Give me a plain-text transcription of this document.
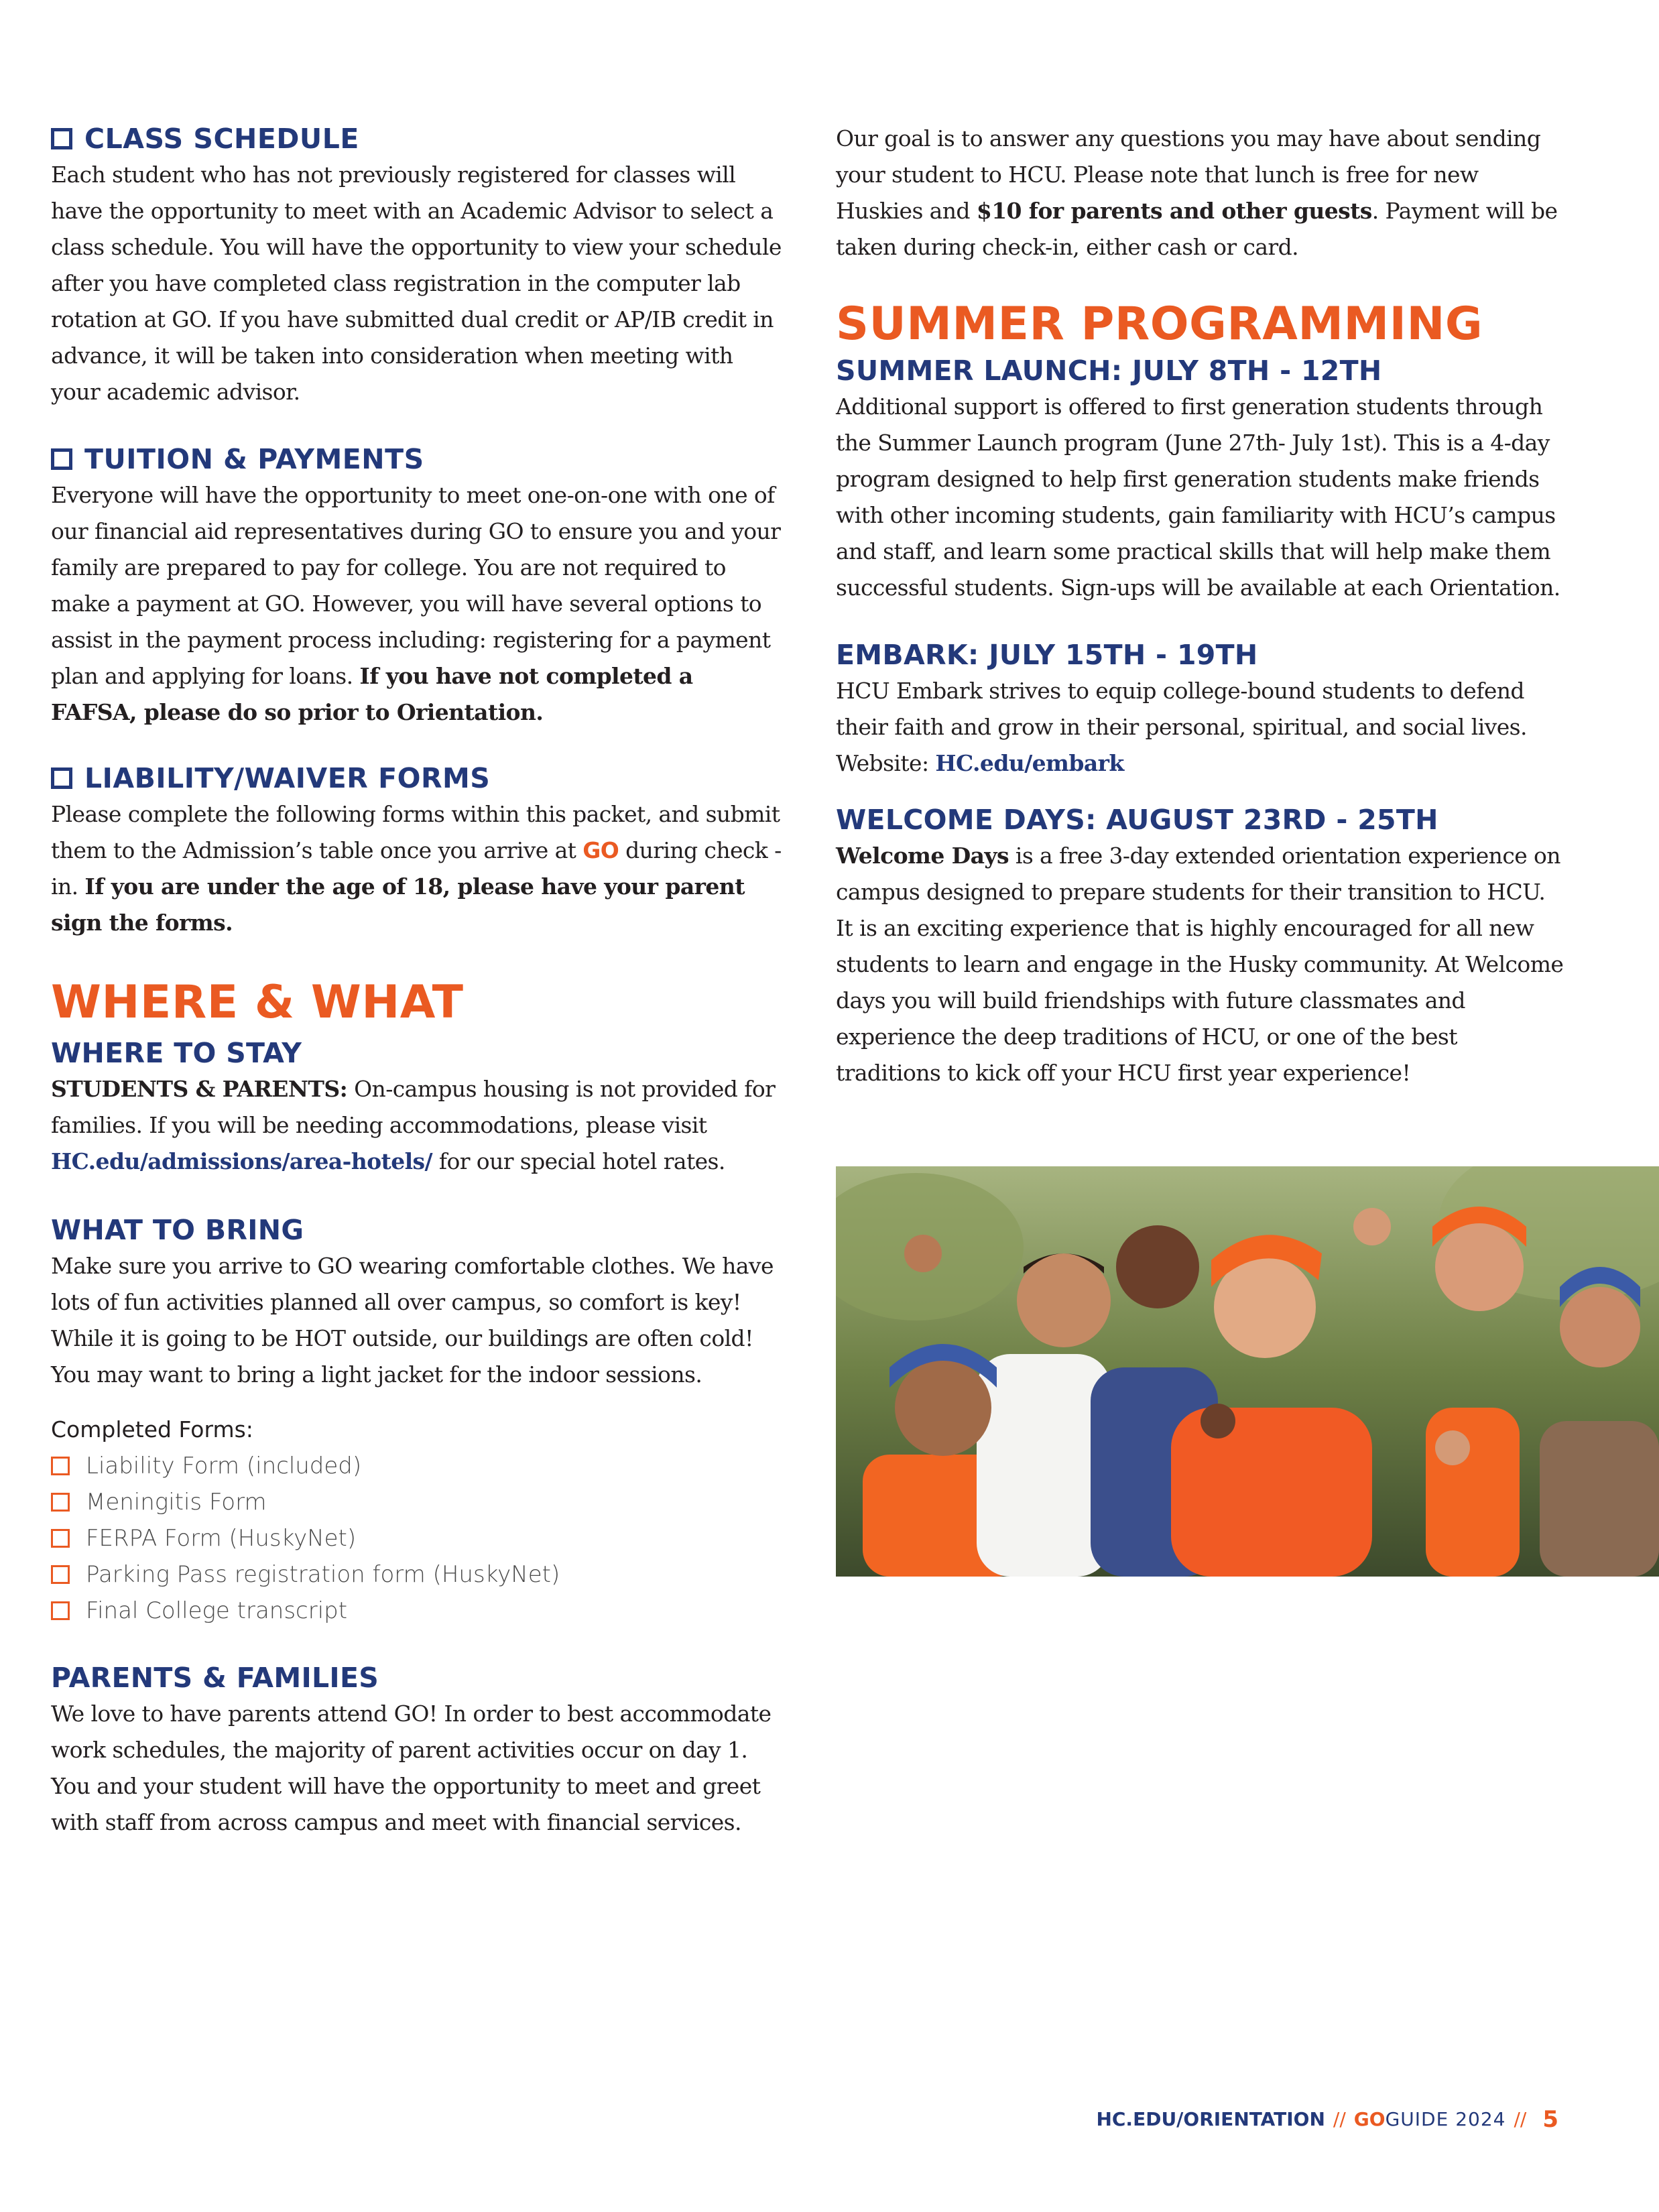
CLASS SCHEDULE

Each student who has not previously registered for classes will have the opportunity to meet with an Academic Advisor to select a class schedule. You will have the opportunity to view your schedule after you have completed class registration in the computer lab rotation at GO. If you have submitted dual credit or AP/IB credit in advance, it will be taken into consideration when meeting with your academic advisor.

TUITION & PAYMENTS

Everyone will have the opportunity to meet one-on-one with one of our financial aid representatives during GO to ensure you and your family are prepared to pay for college. You are not required to make a payment at GO. However, you will have several options to assist in the payment process including: registering for a payment plan and applying for loans. If you have not completed a FAFSA, please do so prior to Orientation.

LIABILITY/WAIVER FORMS

Please complete the following forms within this packet, and submit them to the Admission’s table once you arrive at GO during check - in. If you are under the age of 18, please have your parent sign the forms.

WHERE & WHAT
WHERE TO STAY

STUDENTS & PARENTS: On-campus housing is not provided for families. If you will be needing accommodations, please visit HC.edu/admissions/area-hotels/ for our special hotel rates.

WHAT TO BRING

Make sure you arrive to GO wearing comfortable clothes. We have lots of fun activities planned all over campus, so comfort is key! While it is going to be HOT outside, our buildings are often cold! You may want to bring a light jacket for the indoor sessions.

Completed Forms:

Liability Form (included)
Meningitis Form
FERPA Form (HuskyNet)
Parking Pass registration form (HuskyNet)
Final College transcript
PARENTS & FAMILIES

We love to have parents attend GO! In order to best accommodate work schedules, the majority of parent activities occur on day 1. You and your student will have the opportunity to meet and greet with staff from across campus and meet with financial services.

Our goal is to answer any questions you may have about sending your student to HCU. Please note that lunch is free for new Huskies and $10 for parents and other guests. Payment will be taken during check-in, either cash or card.

SUMMER PROGRAMMING
SUMMER LAUNCH: JULY 8TH - 12TH

Additional support is offered to first generation students through the Summer Launch program (June 27th- July 1st). This is a 4-day program designed to help first generation students make friends with other incoming students, gain familiarity with HCU’s campus and staff, and learn some practical skills that will help make them successful students. Sign-ups will be available at each Orientation.

EMBARK: JULY 15TH - 19TH

HCU Embark strives to equip college-bound students to defend their faith and grow in their personal, spiritual, and social lives. Website: HC.edu/embark

WELCOME DAYS: AUGUST 23RD - 25TH

Welcome Days is a free 3-day extended orientation experience on campus designed to prepare students for their transition to HCU. It is an exciting experience that is highly encouraged for all new students to learn and engage in the Husky community. At Welcome days you will build friendships with future classmates and experience the deep traditions of HCU, or one of the best traditions to kick off your HCU first year experience!

HC.EDU/ORIENTATION // GO GUIDE 2024 // 5
